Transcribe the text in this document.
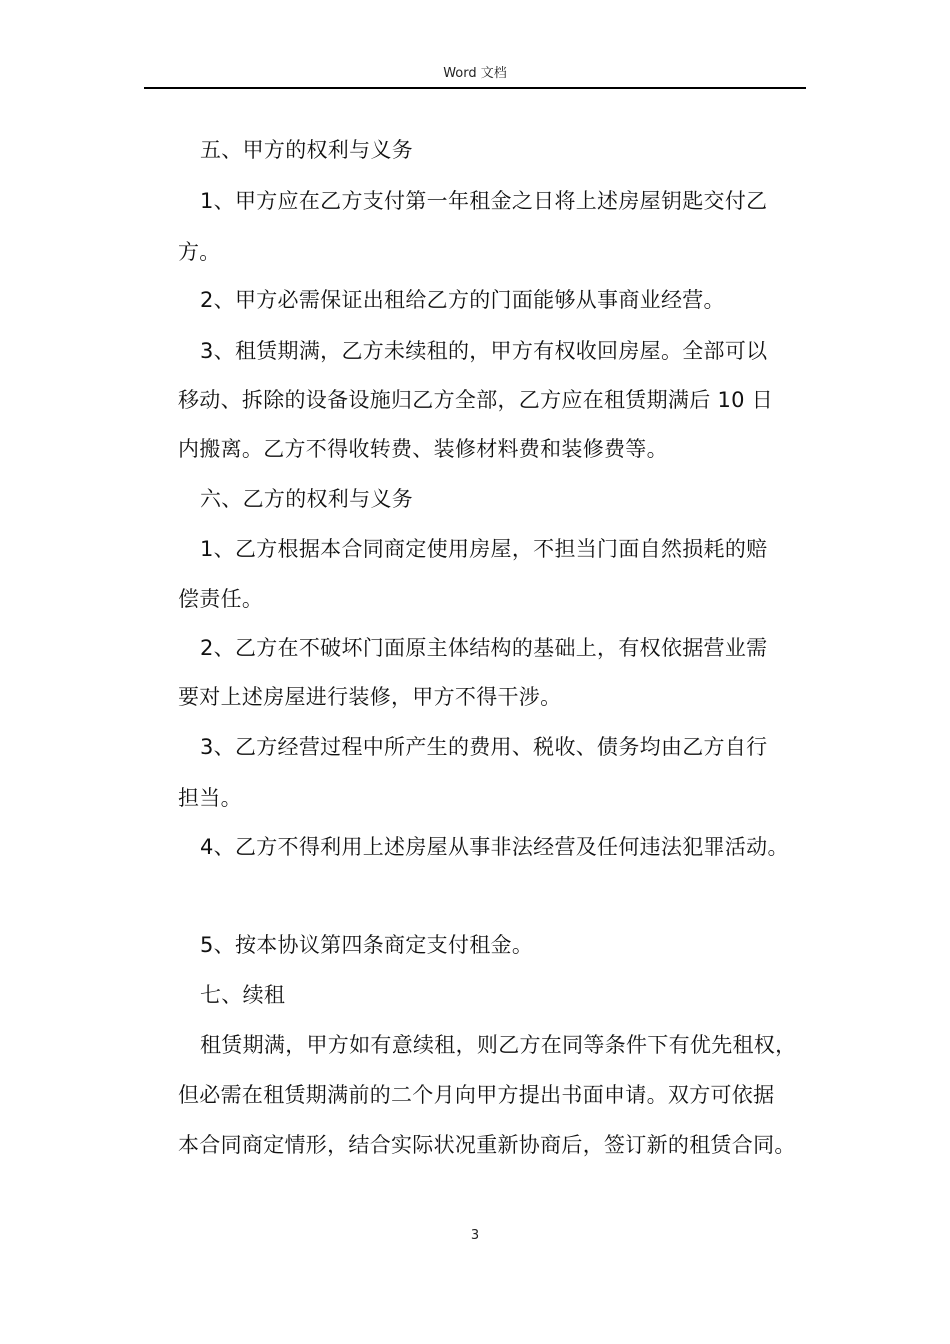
Word 文档
五、甲方的权利与义务
1、甲方应在乙方支付第一年租金之日将上述房屋钥匙交付乙
方。
2、甲方必需保证出租给乙方的门面能够从事商业经营。
3、租赁期满，乙方未续租的，甲方有权收回房屋。全部可以
移动、拆除的设备设施归乙方全部，乙方应在租赁期满后 10 日
内搬离。乙方不得收转费、装修材料费和装修费等。
六、乙方的权利与义务
1、乙方根据本合同商定使用房屋，不担当门面自然损耗的赔
偿责任。
2、乙方在不破坏门面原主体结构的基础上，有权依据营业需
要对上述房屋进行装修，甲方不得干涉。
3、乙方经营过程中所产生的费用、税收、债务均由乙方自行
担当。
4、乙方不得利用上述房屋从事非法经营及任何违法犯罪活动。
5、按本协议第四条商定支付租金。
七、续租
租赁期满，甲方如有意续租，则乙方在同等条件下有优先租权，
但必需在租赁期满前的二个月向甲方提出书面申请。双方可依据
本合同商定情形，结合实际状况重新协商后，签订新的租赁合同。
3
